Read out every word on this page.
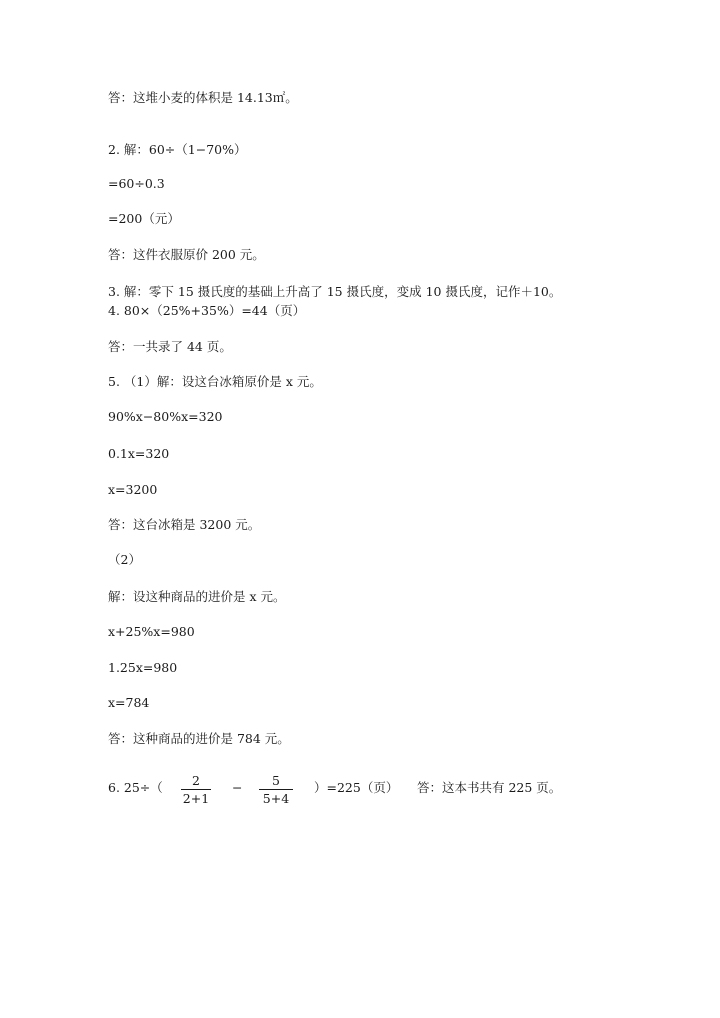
答：这堆小麦的体积是 14.13㎡。
2. 解：60÷（1−70%）
=60÷0.3
=200（元）
答：这件衣服原价 200 元。
3. 解：零下 15 摄氏度的基础上升高了 15 摄氏度，变成 10 摄氏度，记作＋10。
4. 80×（25%+35%）=44（页）
答：一共录了 44 页。
5. （1）解：设这台冰箱原价是 x 元。
90%x−80%x=320
0.1x=320
x=3200
答：这台冰箱是 3200 元。
（2）
解：设这种商品的进价是 x 元。
x+25%x=980
1.25x=980
x=784
答：这种商品的进价是 784 元。
6. 25÷（	2
2+1
−	5
5+4
）=225（页） 答：这本书共有 225 页。
